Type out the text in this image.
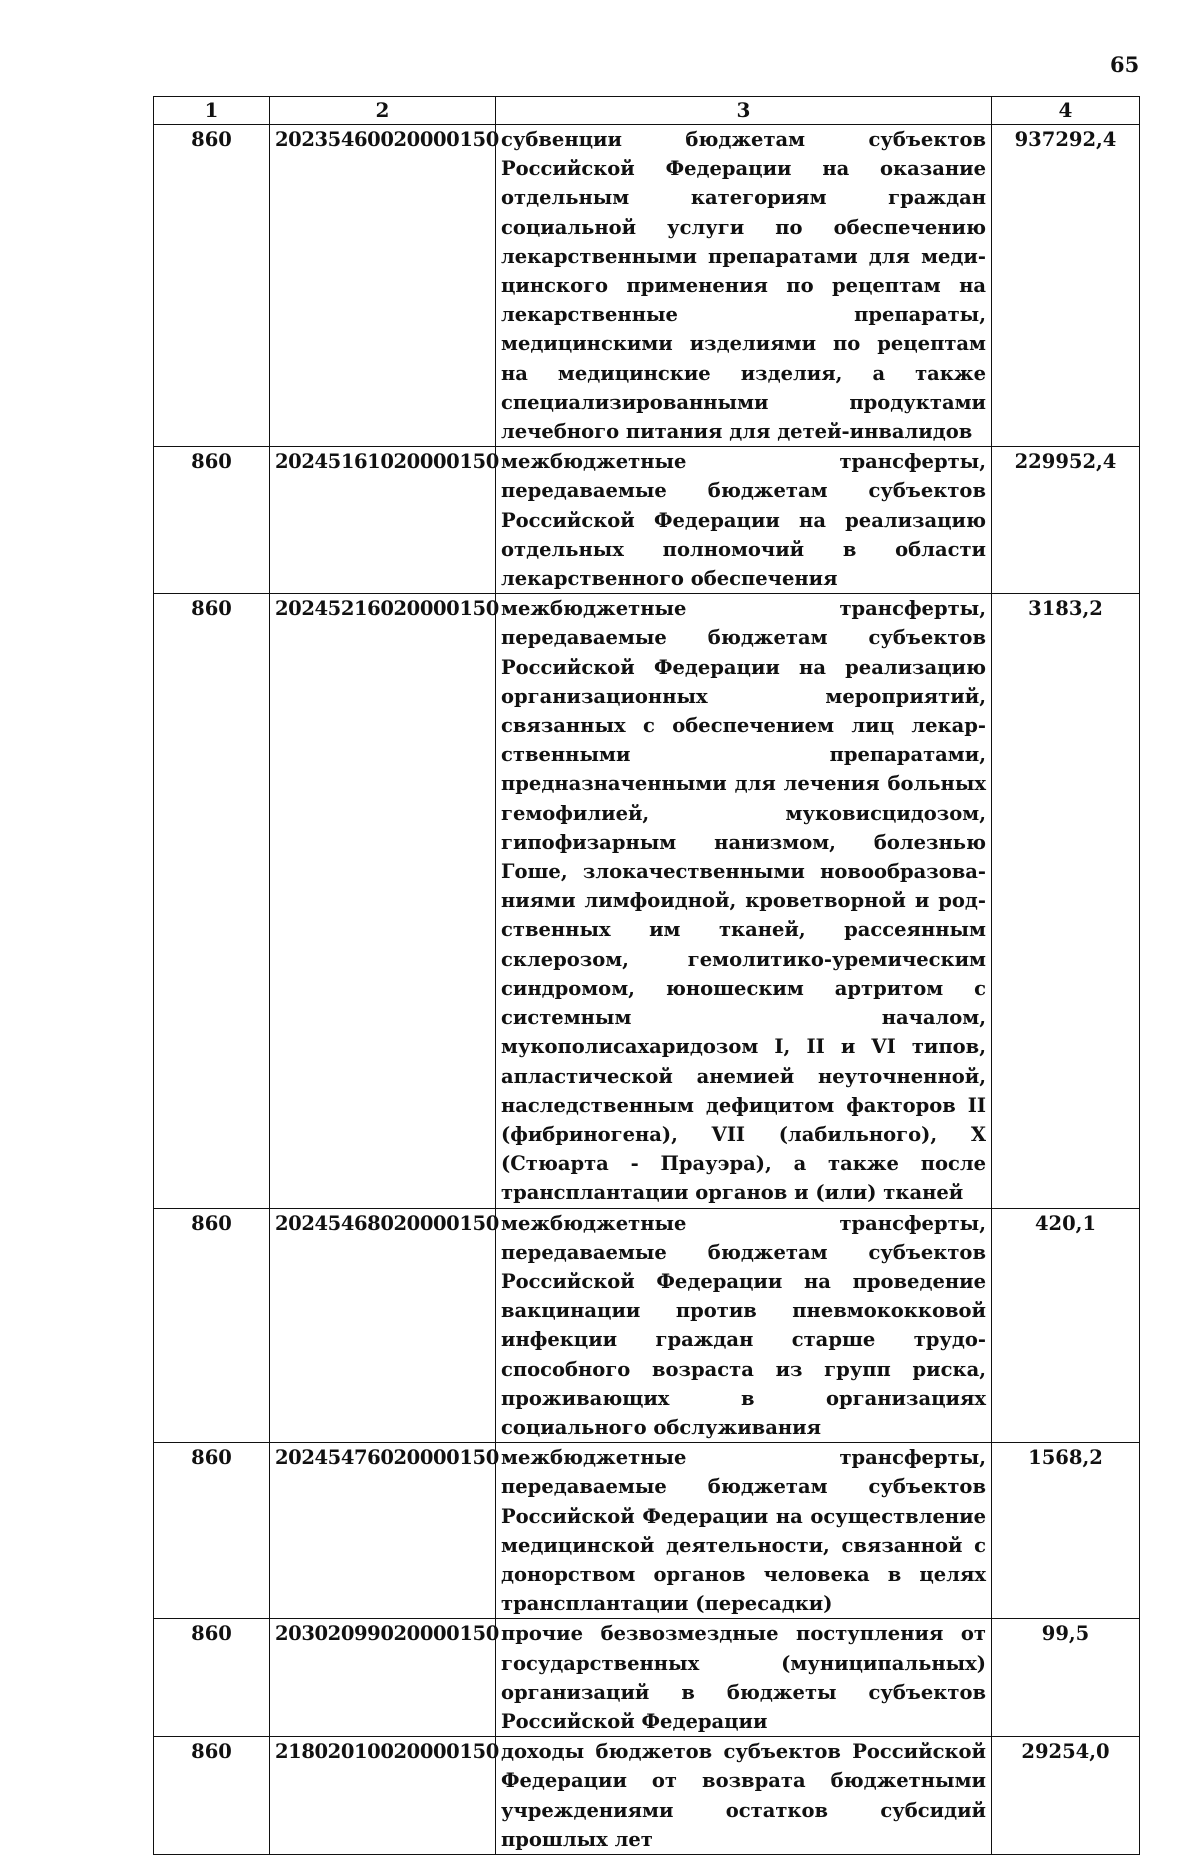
65
1	2	3	4
860	20235460020000150	субвенции бюджетам субъектов Российской Федерации на оказание отдельным категориям граждан социальной услуги по обеспечению лекарственными препаратами для медицинского применения по рецептам на лекарственные препараты, медицинскими изделиями по рецептам на медицинские изделия, а также специализированными продуктами лечебного питания для детей-инвалидов	937292,4
860	20245161020000150	межбюджетные трансферты, передаваемые бюджетам субъектов Российской Федерации на реализацию отдельных полномочий в области лекарственного обеспечения	229952,4
860	20245216020000150	межбюджетные трансферты, передаваемые бюджетам субъектов Российской Федерации на реализацию организационных мероприятий, связанных с обеспечением лиц лекарственными препаратами, предназначенными для лечения больных гемофилией, муковисцидозом, гипофизарным нанизмом, болезнью Гоше, злокачественными новообразованиями лимфоидной, кроветворной и родственных им тканей, рассеянным склерозом, гемолитико-уремическим синдромом, юношеским артритом с системным началом, мукополисахаридозом I, II и VI типов, апластической анемией неуточненной, наследственным дефицитом факторов II (фибриногена), VII (лабильного), X (Стюарта - Прауэра), а также после трансплантации органов и (или) тканей	3183,2
860	20245468020000150	межбюджетные трансферты, передаваемые бюджетам субъектов Российской Федерации на проведение вакцинации против пневмококковой инфекции граждан старше трудоспособного возраста из групп риска, проживающих в организациях социального обслуживания	420,1
860	20245476020000150	межбюджетные трансферты, передаваемые бюджетам субъектов Российской Федерации на осуществление медицинской деятельности, связанной с донорством органов человека в целях трансплантации (пересадки)	1568,2
860	20302099020000150	прочие безвозмездные поступления от государственных (муниципальных) организаций в бюджеты субъектов Российской Федерации	99,5
860	21802010020000150	доходы бюджетов субъектов Российской Федерации от возврата бюджетными учреждениями остатков субсидий прошлых лет	29254,0
